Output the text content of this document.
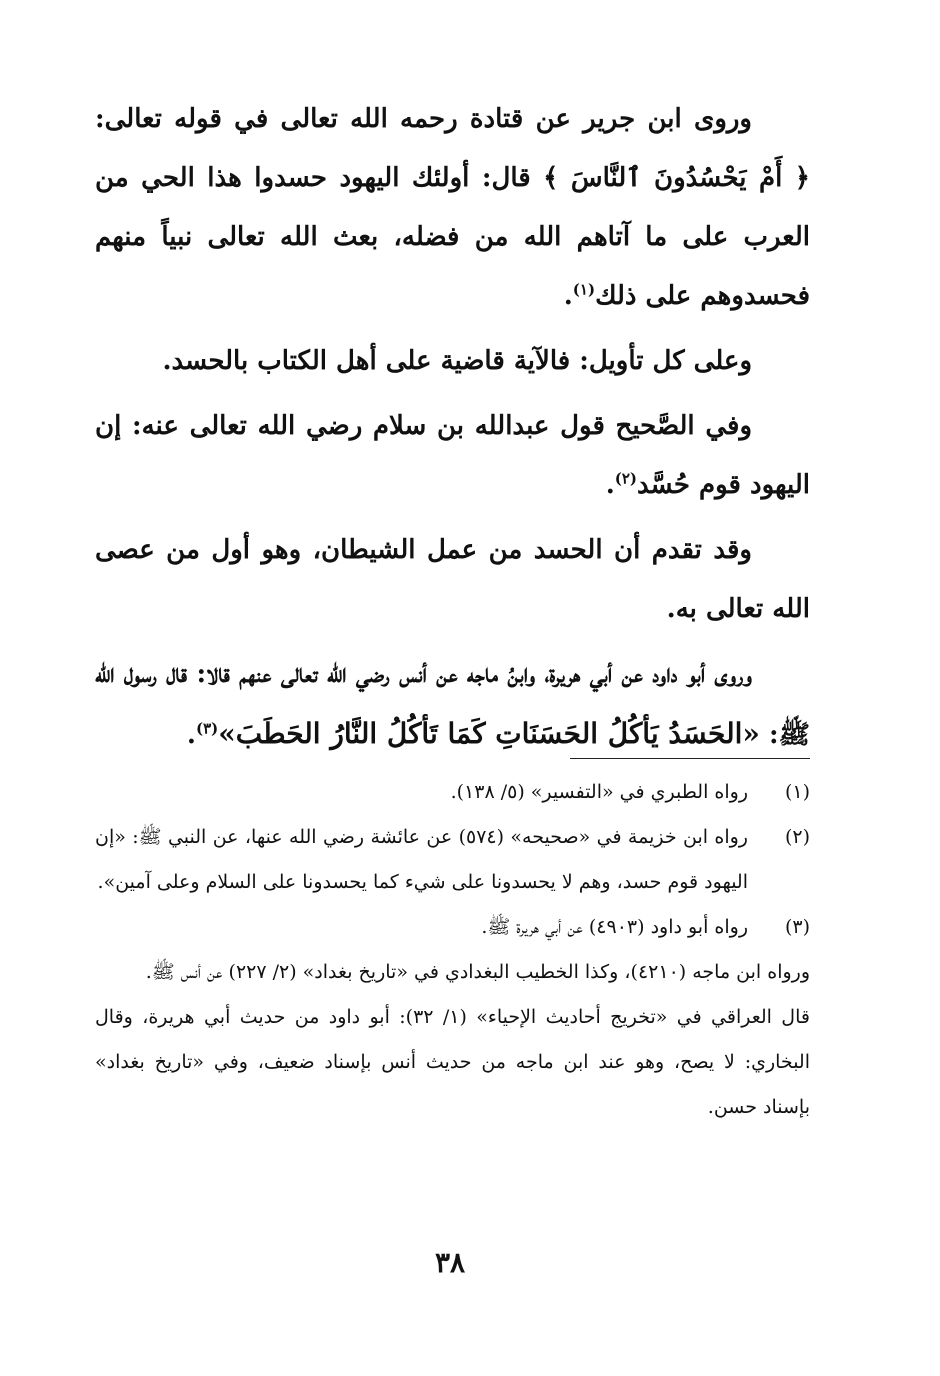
وروى ابن جرير عن قتادة رحمه الله تعالى في قوله تعالى: ﴿ أَمْ يَحْسُدُونَ ٱلنَّاسَ ﴾ قال: أولئك اليهود حسدوا هذا الحي من العرب على ما آتاهم الله من فضله، بعث الله تعالى نبياً منهم فحسدوهم على ذلك$^{(١)}$.

وعلى كل تأويل: فالآية قاضية على أهل الكتاب بالحسد.

وفي الصَّحيح قول عبدالله بن سلام رضي الله تعالى عنه: إن اليهود قوم حُسَّد$^{(٢)}$.

وقد تقدم أن الحسد من عمل الشيطان، وهو أول من عصى الله تعالى به.

وروى أبو داود عن أبي هريرة، وابنُ ماجه عن أنس رضي الله تعالى عنهم قالا: قال رسول الله ﷺ: «الحَسَدُ يَأكُلُ الحَسَنَاتِ كَمَا تَأكُلُ النَّارُ الحَطَبَ»$^{(٣)}$.

(١)
رواه الطبري في «التفسير» (٥/ ١٣٨).
(٢)
رواه ابن خزيمة في «صحيحه» (٥٧٤) عن عائشة رضي الله عنها، عن النبي ﷺ: «إن اليهود قوم حسد، وهم لا يحسدونا على شيء كما يحسدونا على السلام وعلى آمين».
(٣)
رواه أبو داود (٤٩٠٣) عن أبي هريرة ﷺ.
ورواه ابن ماجه (٤٢١٠)، وكذا الخطيب البغدادي في «تاريخ بغداد» (٢/ ٢٢٧) عن أنس ﷺ.
قال العراقي في «تخريج أحاديث الإحياء» (١/ ٣٢): أبو داود من حديث أبي هريرة، وقال البخاري: لا يصح، وهو عند ابن ماجه من حديث أنس بإسناد ضعيف، وفي «تاريخ بغداد» بإسناد حسن.
٣٨
